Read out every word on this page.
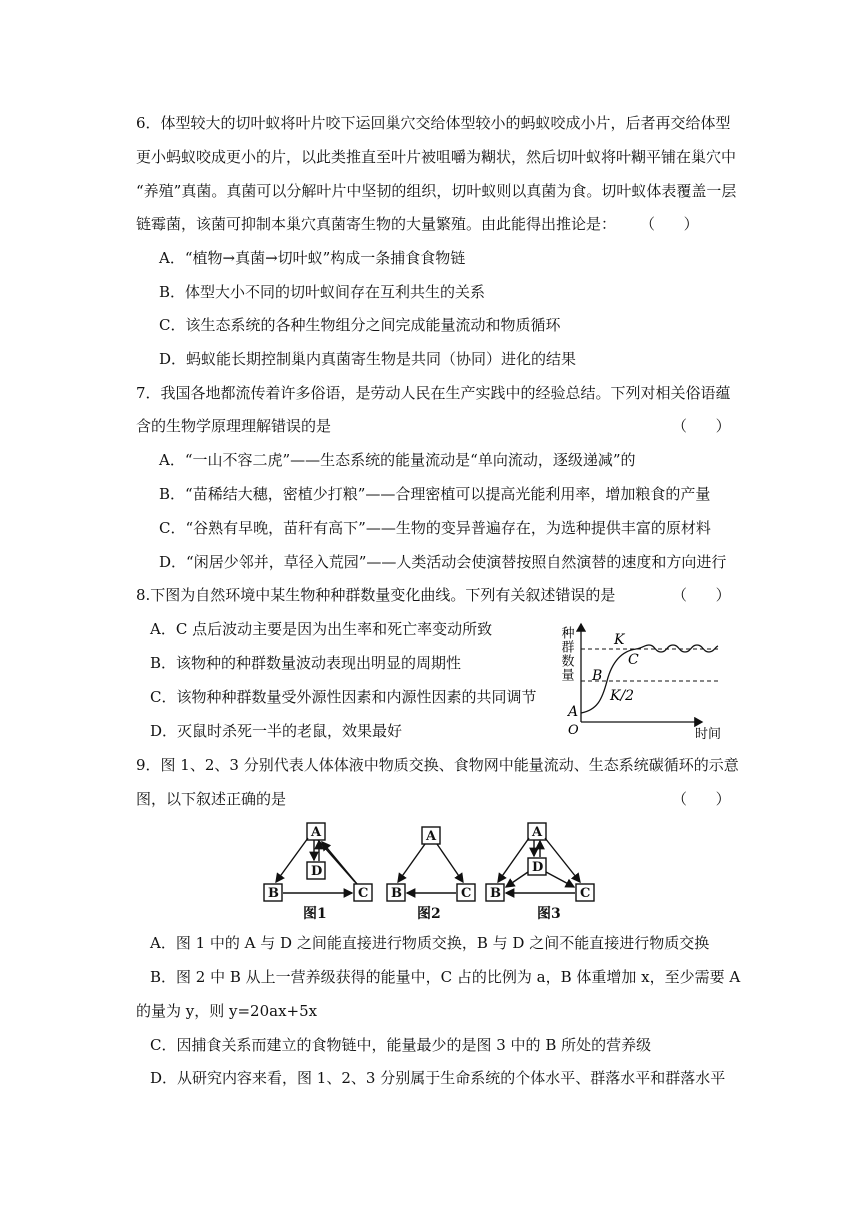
6．体型较大的切叶蚁将叶片咬下运回巢穴交给体型较小的蚂蚁咬成小片，后者再交给体型
更小蚂蚁咬成更小的片，以此类推直至叶片被咀嚼为糊状，然后切叶蚁将叶糊平铺在巢穴中
“养殖”真菌。真菌可以分解叶片中坚韧的组织，切叶蚁则以真菌为食。切叶蚁体表覆盖一层
链霉菌，该菌可抑制本巢穴真菌寄生物的大量繁殖。由此能得出推论是： （      ）
A．“植物→真菌→切叶蚁”构成一条捕食食物链
B．体型大小不同的切叶蚁间存在互利共生的关系
C．该生态系统的各种生物组分之间完成能量流动和物质循环
D．蚂蚁能长期控制巢内真菌寄生物是共同（协同）进化的结果
7．我国各地都流传着许多俗语，是劳动人民在生产实践中的经验总结。下列对相关俗语蕴
含的生物学原理理解错误的是	（      ）
A．“一山不容二虎”——生态系统的能量流动是“单向流动，逐级递减”的
B．“苗稀结大穗，密植少打粮”——合理密植可以提高光能利用率，增加粮食的产量
C．“谷熟有早晚，苗秆有高下”——生物的变异普遍存在，为选种提供丰富的原材料
D．“闲居少邻并，草径入荒园”——人类活动会使演替按照自然演替的速度和方向进行
8.下图为自然环境中某生物种种群数量变化曲线。下列有关叙述错误的是	（      ）
A．C 点后波动主要是因为出生率和死亡率变动所致
B．该物种的种群数量波动表现出明显的周期性
C．该物种种群数量受外源性因素和内源性因素的共同调节
D．灭鼠时杀死一半的老鼠，效果最好
种群数量
时间
O
K
C
B
K/2
A
9．图 1、2、3 分别代表人体体液中物质交换、食物网中能量流动、生态系统碳循环的示意
图，以下叙述正确的是	（      ）
A
D
B	C
图1
A
B	C
图2
A
D
B	C
图3
A．图 1 中的 A 与 D 之间能直接进行物质交换，B 与 D 之间不能直接进行物质交换
B．图 2 中 B 从上一营养级获得的能量中，C 占的比例为 a，B 体重增加 x，至少需要 A
的量为 y，则 y=20ax+5x
C．因捕食关系而建立的食物链中，能量最少的是图 3 中的 B 所处的营养级
D．从研究内容来看，图 1、2、3 分别属于生命系统的个体水平、群落水平和群落水平
